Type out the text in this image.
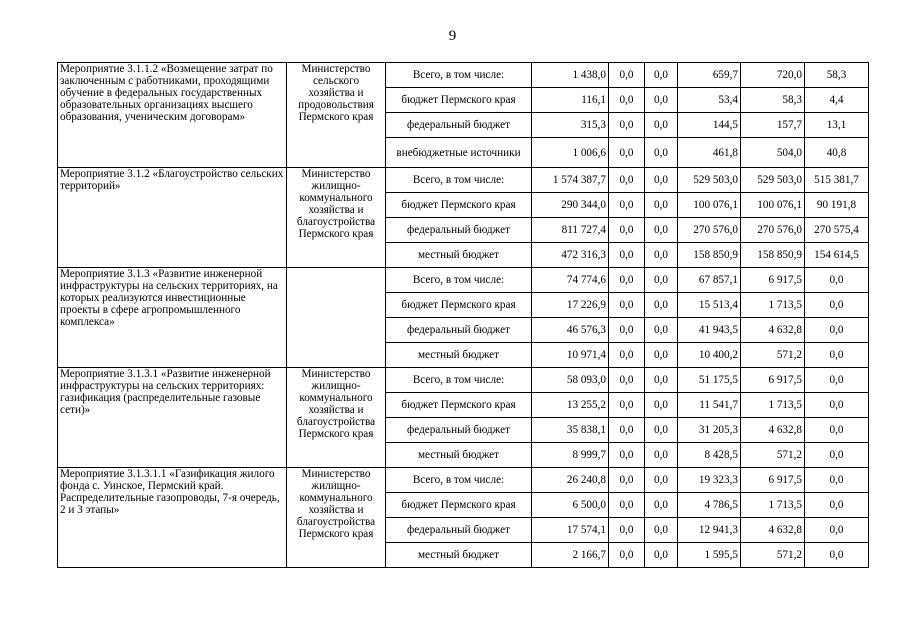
9
Мероприятие 3.1.1.2 «Возмещение затрат по заключенным с работниками, проходящими обучение в федеральных государственных образовательных организациях высшего образования, ученическим договорам»	Министерство сельского хозяйства и продовольствия Пермского края	Всего, в том числе:	1 438,0	0,0	0,0	659,7	720,0	58,3
		бюджет Пермского края	116,1	0,0	0,0	53,4	58,3	4,4
		федеральный бюджет	315,3	0,0	0,0	144,5	157,7	13,1
		внебюджетные источники	1 006,6	0,0	0,0	461,8	504,0	40,8
Мероприятие 3.1.2 «Благоустройство сельских территорий»	Министерство жилищно-коммунального хозяйства и благоустройства Пермского края	Всего, в том числе:	1 574 387,7	0,0	0,0	529 503,0	529 503,0	515 381,7
		бюджет Пермского края	290 344,0	0,0	0,0	100 076,1	100 076,1	90 191,8
		федеральный бюджет	811 727,4	0,0	0,0	270 576,0	270 576,0	270 575,4
		местный бюджет	472 316,3	0,0	0,0	158 850,9	158 850,9	154 614,5
Мероприятие 3.1.3 «Развитие инженерной инфраструктуры на сельских территориях, на которых реализуются инвестиционные проекты в сфере агропромышленного комплекса»		Всего, в том числе:	74 774,6	0,0	0,0	67 857,1	6 917,5	0,0
		бюджет Пермского края	17 226,9	0,0	0,0	15 513,4	1 713,5	0,0
		федеральный бюджет	46 576,3	0,0	0,0	41 943,5	4 632,8	0,0
		местный бюджет	10 971,4	0,0	0,0	10 400,2	571,2	0,0
Мероприятие 3.1.3.1 «Развитие инженерной инфраструктуры на сельских территориях: газификация (распределительные газовые сети)»	Министерство жилищно-коммунального хозяйства и благоустройства Пермского края	Всего, в том числе:	58 093,0	0,0	0,0	51 175,5	6 917,5	0,0
		бюджет Пермского края	13 255,2	0,0	0,0	11 541,7	1 713,5	0,0
		федеральный бюджет	35 838,1	0,0	0,0	31 205,3	4 632,8	0,0
		местный бюджет	8 999,7	0,0	0,0	8 428,5	571,2	0,0
Мероприятие 3.1.3.1.1 «Газификация жилого фонда с. Уинское, Пермский край. Распределительные газопроводы, 7-я очередь, 2 и 3 этапы»	Министерство жилищно-коммунального хозяйства и благоустройства Пермского края	Всего, в том числе:	26 240,8	0,0	0,0	19 323,3	6 917,5	0,0
		бюджет Пермского края	6 500,0	0,0	0,0	4 786,5	1 713,5	0,0
		федеральный бюджет	17 574,1	0,0	0,0	12 941,3	4 632,8	0,0
		местный бюджет	2 166,7	0,0	0,0	1 595,5	571,2	0,0
